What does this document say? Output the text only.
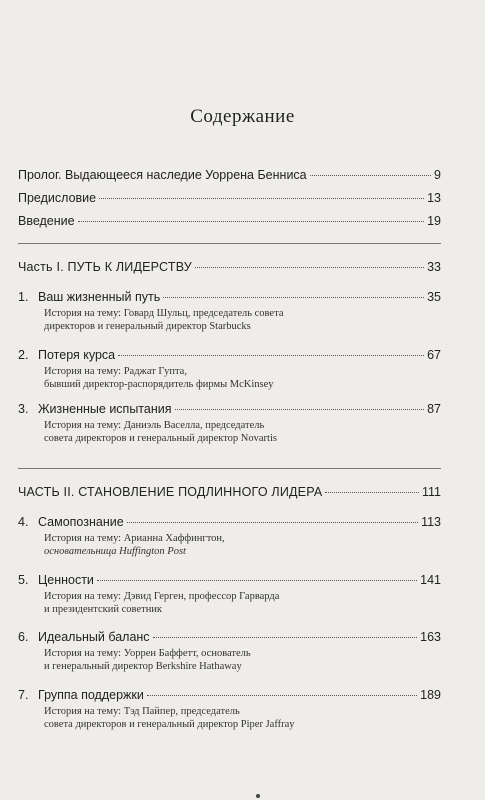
Содержание
Пролог. Выдающееся наследие Уоррена Бенниса	9
Предисловие	13
Введение	19
Часть I. ПУТЬ К ЛИДЕРСТВУ	33
1. Ваш жизненный путь	35
История на тему: Говард Шульц, председатель совета
директоров и генеральный директор Starbucks
2. Потеря курса	67
История на тему: Раджат Гупта,
бывший директор-распорядитель фирмы McKinsey
3. Жизненные испытания	87
История на тему: Даниэль Васелла, председатель
совета директоров и генеральный директор Novartis
ЧАСТЬ II. СТАНОВЛЕНИЕ ПОДЛИННОГО ЛИДЕРА	111
4. Самопознание	113
История на тему: Арианна Хаффингтон,
основательница Huffington Post
5. Ценности	141
История на тему: Дэвид Герген, профессор Гарварда
и президентский советник
6. Идеальный баланс	163
История на тему: Уоррен Баффетт, основатель
и генеральный директор Berkshire Hathaway
7. Группа поддержки	189
История на тему: Тэд Пайпер, председатель
совета директоров и генеральный директор Piper Jaffray
